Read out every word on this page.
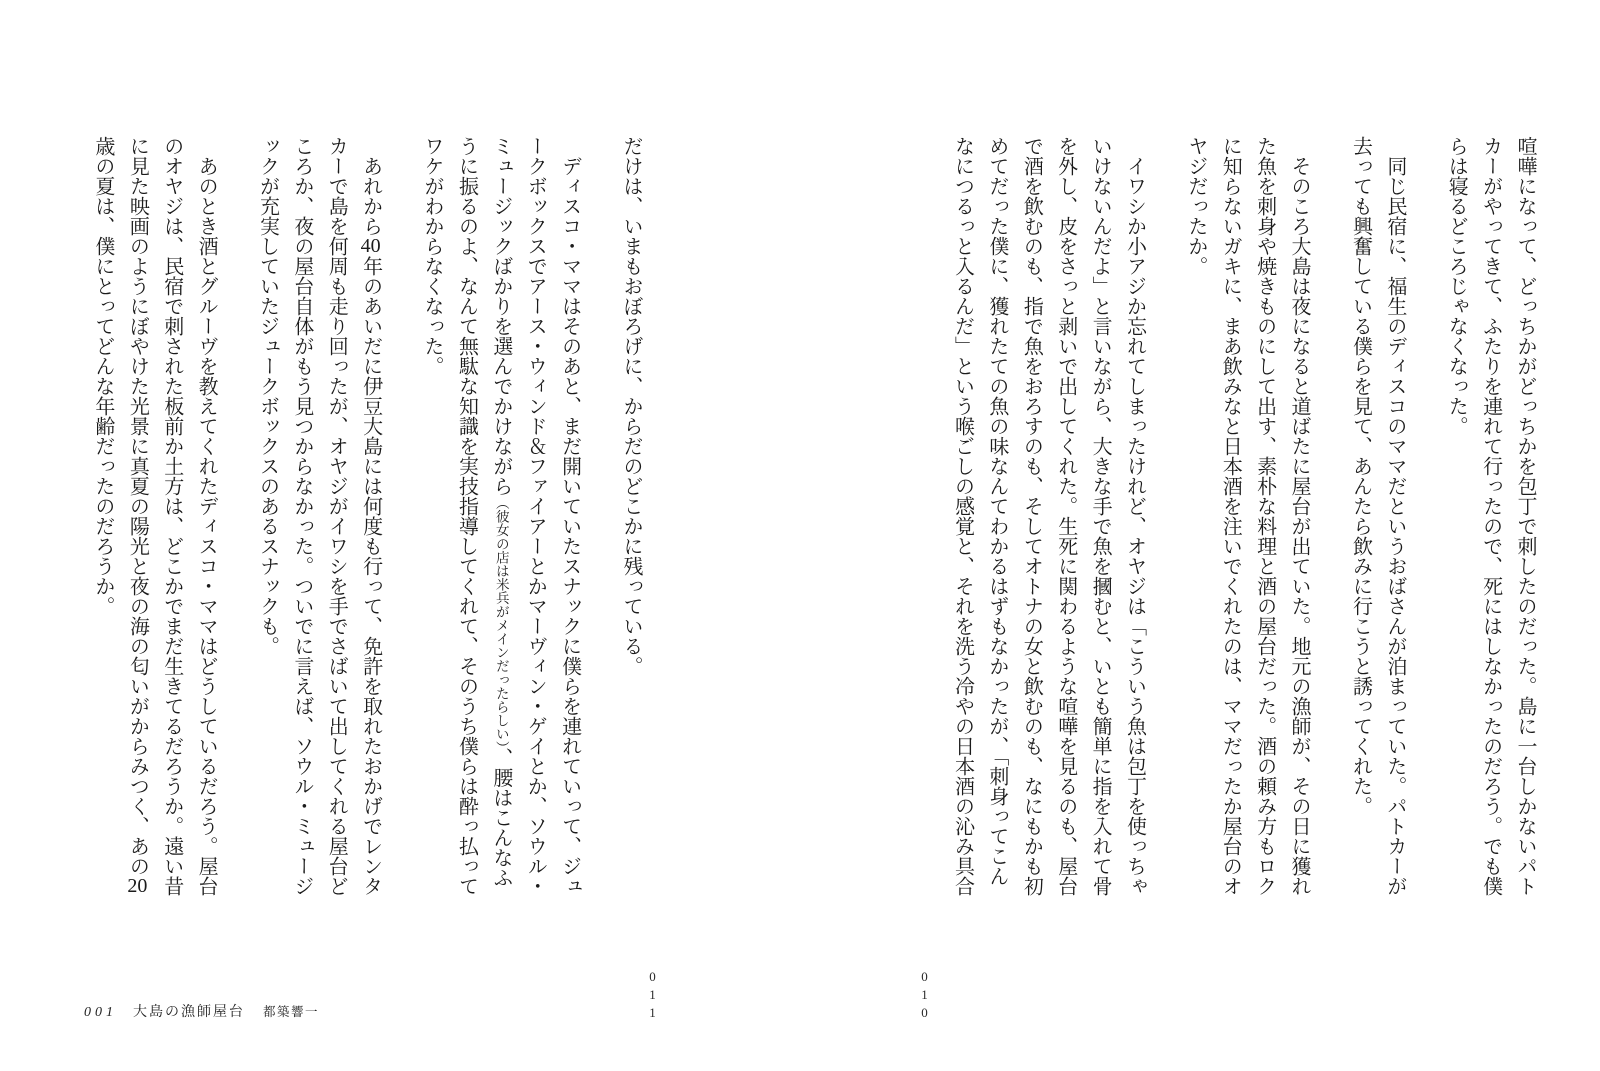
喧嘩になって、どっちかがどっちかを包丁で刺したのだった。島に一台しかないパトカーがやってきて、ふたりを連れて行ったので、死にはしなかったのだろう。でも僕らは寝るどころじゃなくなった。

同じ民宿に、福生のディスコのママだというおばさんが泊まっていた。パトカーが去っても興奮している僕らを見て、あんたら飲みに行こうと誘ってくれた。

そのころ大島は夜になると道ばたに屋台が出ていた。地元の漁師が、その日に獲れた魚を刺身や焼きものにして出す、素朴な料理と酒の屋台だった。酒の頼み方もロクに知らないガキに、まあ飲みなと日本酒を注いでくれたのは、ママだったか屋台のオヤジだったか。

イワシか小アジか忘れてしまったけれど、オヤジは「こういう魚は包丁を使っちゃいけないんだよ」と言いながら、大きな手で魚を摑むと、いとも簡単に指を入れて骨を外し、皮をさっと剥いで出してくれた。生死に関わるような喧嘩を見るのも、屋台で酒を飲むのも、指で魚をおろすのも、そしてオトナの女と飲むのも、なにもかも初めてだった僕に、獲れたての魚の味なんてわかるはずもなかったが、「刺身ってこんなにつるっと入るんだ」という喉ごしの感覚と、それを洗う冷やの日本酒の沁み具合

だけは、いまもおぼろげに、からだのどこかに残っている。

ディスコ・ママはそのあと、まだ開いていたスナックに僕らを連れていって、ジュークボックスでアース・ウィンド＆ファイアーとかマーヴィン・ゲイとか、ソウル・ミュージックばかりを選んでかけながら（彼女の店は米兵がメインだったらしい）、腰はこんなふうに振るのよ、なんて無駄な知識を実技指導してくれて、そのうち僕らは酔っ払ってワケがわからなくなった。

あれから40年のあいだに伊豆大島には何度も行って、免許を取れたおかげでレンタカーで島を何周も走り回ったが、オヤジがイワシを手でさばいて出してくれる屋台どころか、夜の屋台自体がもう見つからなかった。ついでに言えば、ソウル・ミュージックが充実していたジュークボックスのあるスナックも。

あのとき酒とグルーヴを教えてくれたディスコ・ママはどうしているだろう。屋台のオヤジは、民宿で刺された板前か土方は、どこかでまだ生きてるだろうか。遠い昔に見た映画のようにぼやけた光景に真夏の陽光と夜の海の匂いがからみつく、あの20歳の夏は、僕にとってどんな年齢だったのだろうか。

010
011
001 大島の漁師屋台 都築響一
